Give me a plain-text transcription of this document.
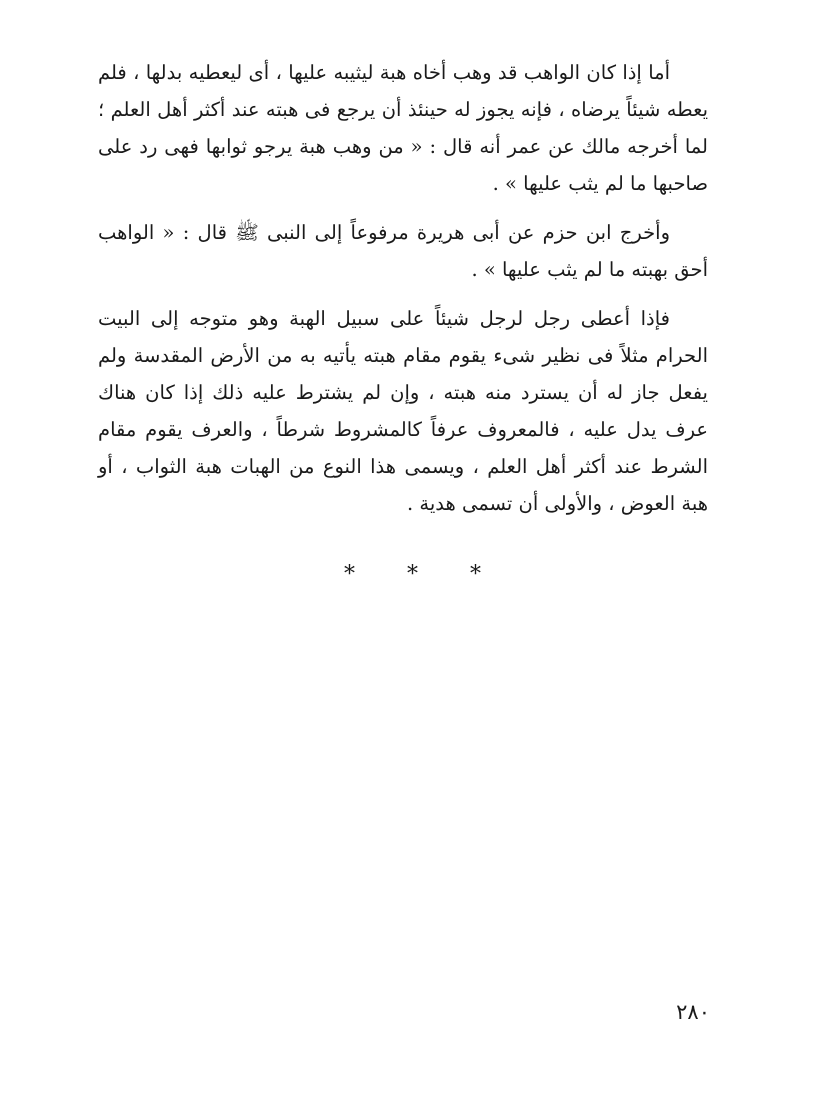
أما إذا كان الواهب قد وهب أخاه هبة ليثيبه عليها ، أى ليعطيه بدلها ، فلم يعطه شيئاً يرضاه ، فإنه يجوز له حينئذ أن يرجع فى هبته عند أكثر أهل العلم ؛ لما أخرجه مالك عن عمر أنه قال : « من وهب هبة يرجو ثوابها فهى رد على صاحبها ما لم يثب عليها » .

وأخرج ابن حزم عن أبى هريرة مرفوعاً إلى النبى ﷺ قال : « الواهب أحق بهبته ما لم يثب عليها » .

فإذا أعطى رجل لرجل شيئاً على سبيل الهبة وهو متوجه إلى البيت الحرام مثلاً فى نظير شىء يقوم مقام هبته يأتيه به من الأرض المقدسة ولم يفعل جاز له أن يسترد منه هبته ، وإن لم يشترط عليه ذلك إذا كان هناك عرف يدل عليه ، فالمعروف عرفاً كالمشروط شرطاً ، والعرف يقوم مقام الشرط عند أكثر أهل العلم ، ويسمى هذا النوع من الهبات هبة الثواب ، أو هبة العوض ، والأولى أن تسمى هدية .

* * *
٢٨٠
